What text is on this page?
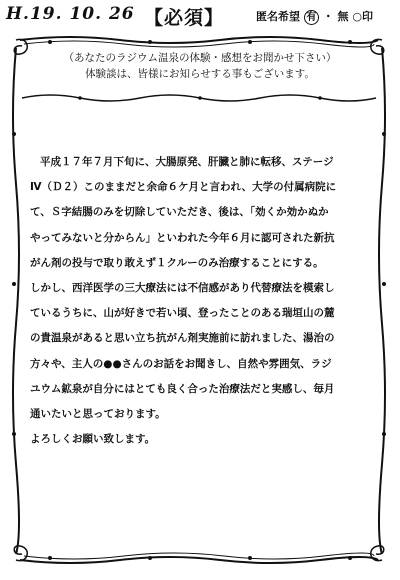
H.19. 10. 26 【必須】	匿名希望 有 ・ 無 ○印
（あなたのラジウム温泉の体験・感想をお聞かせ下さい）
体験談は、皆様にお知らせする事もございます。

平成１７年７月下旬に、大腸原発、肝臓と肺に転移、ステージ

Ⅳ（Ｄ２）このままだと余命６ケ月と言われ、大学の付属病院に

て、Ｓ字結腸のみを切除していただき、後は、「効くか効かぬか

やってみないと分からん」といわれた今年６月に認可された新抗

がん剤の投与で取り敢えず１クルーのみ治療することにする。

しかし、西洋医学の三大療法には不信感があり代替療法を模索し

ているうちに、山が好きで若い頃、登ったことのある瑞垣山の麓

の貴温泉があると思い立ち抗がん剤実施前に訪れました、湯治の

方々や、主人の●●さんのお話をお聞きし、自然や雰囲気、ラジ

ユウム鉱泉が自分にはとても良く合った治療法だと実感し、毎月

通いたいと思っております。

よろしくお願い致します。
